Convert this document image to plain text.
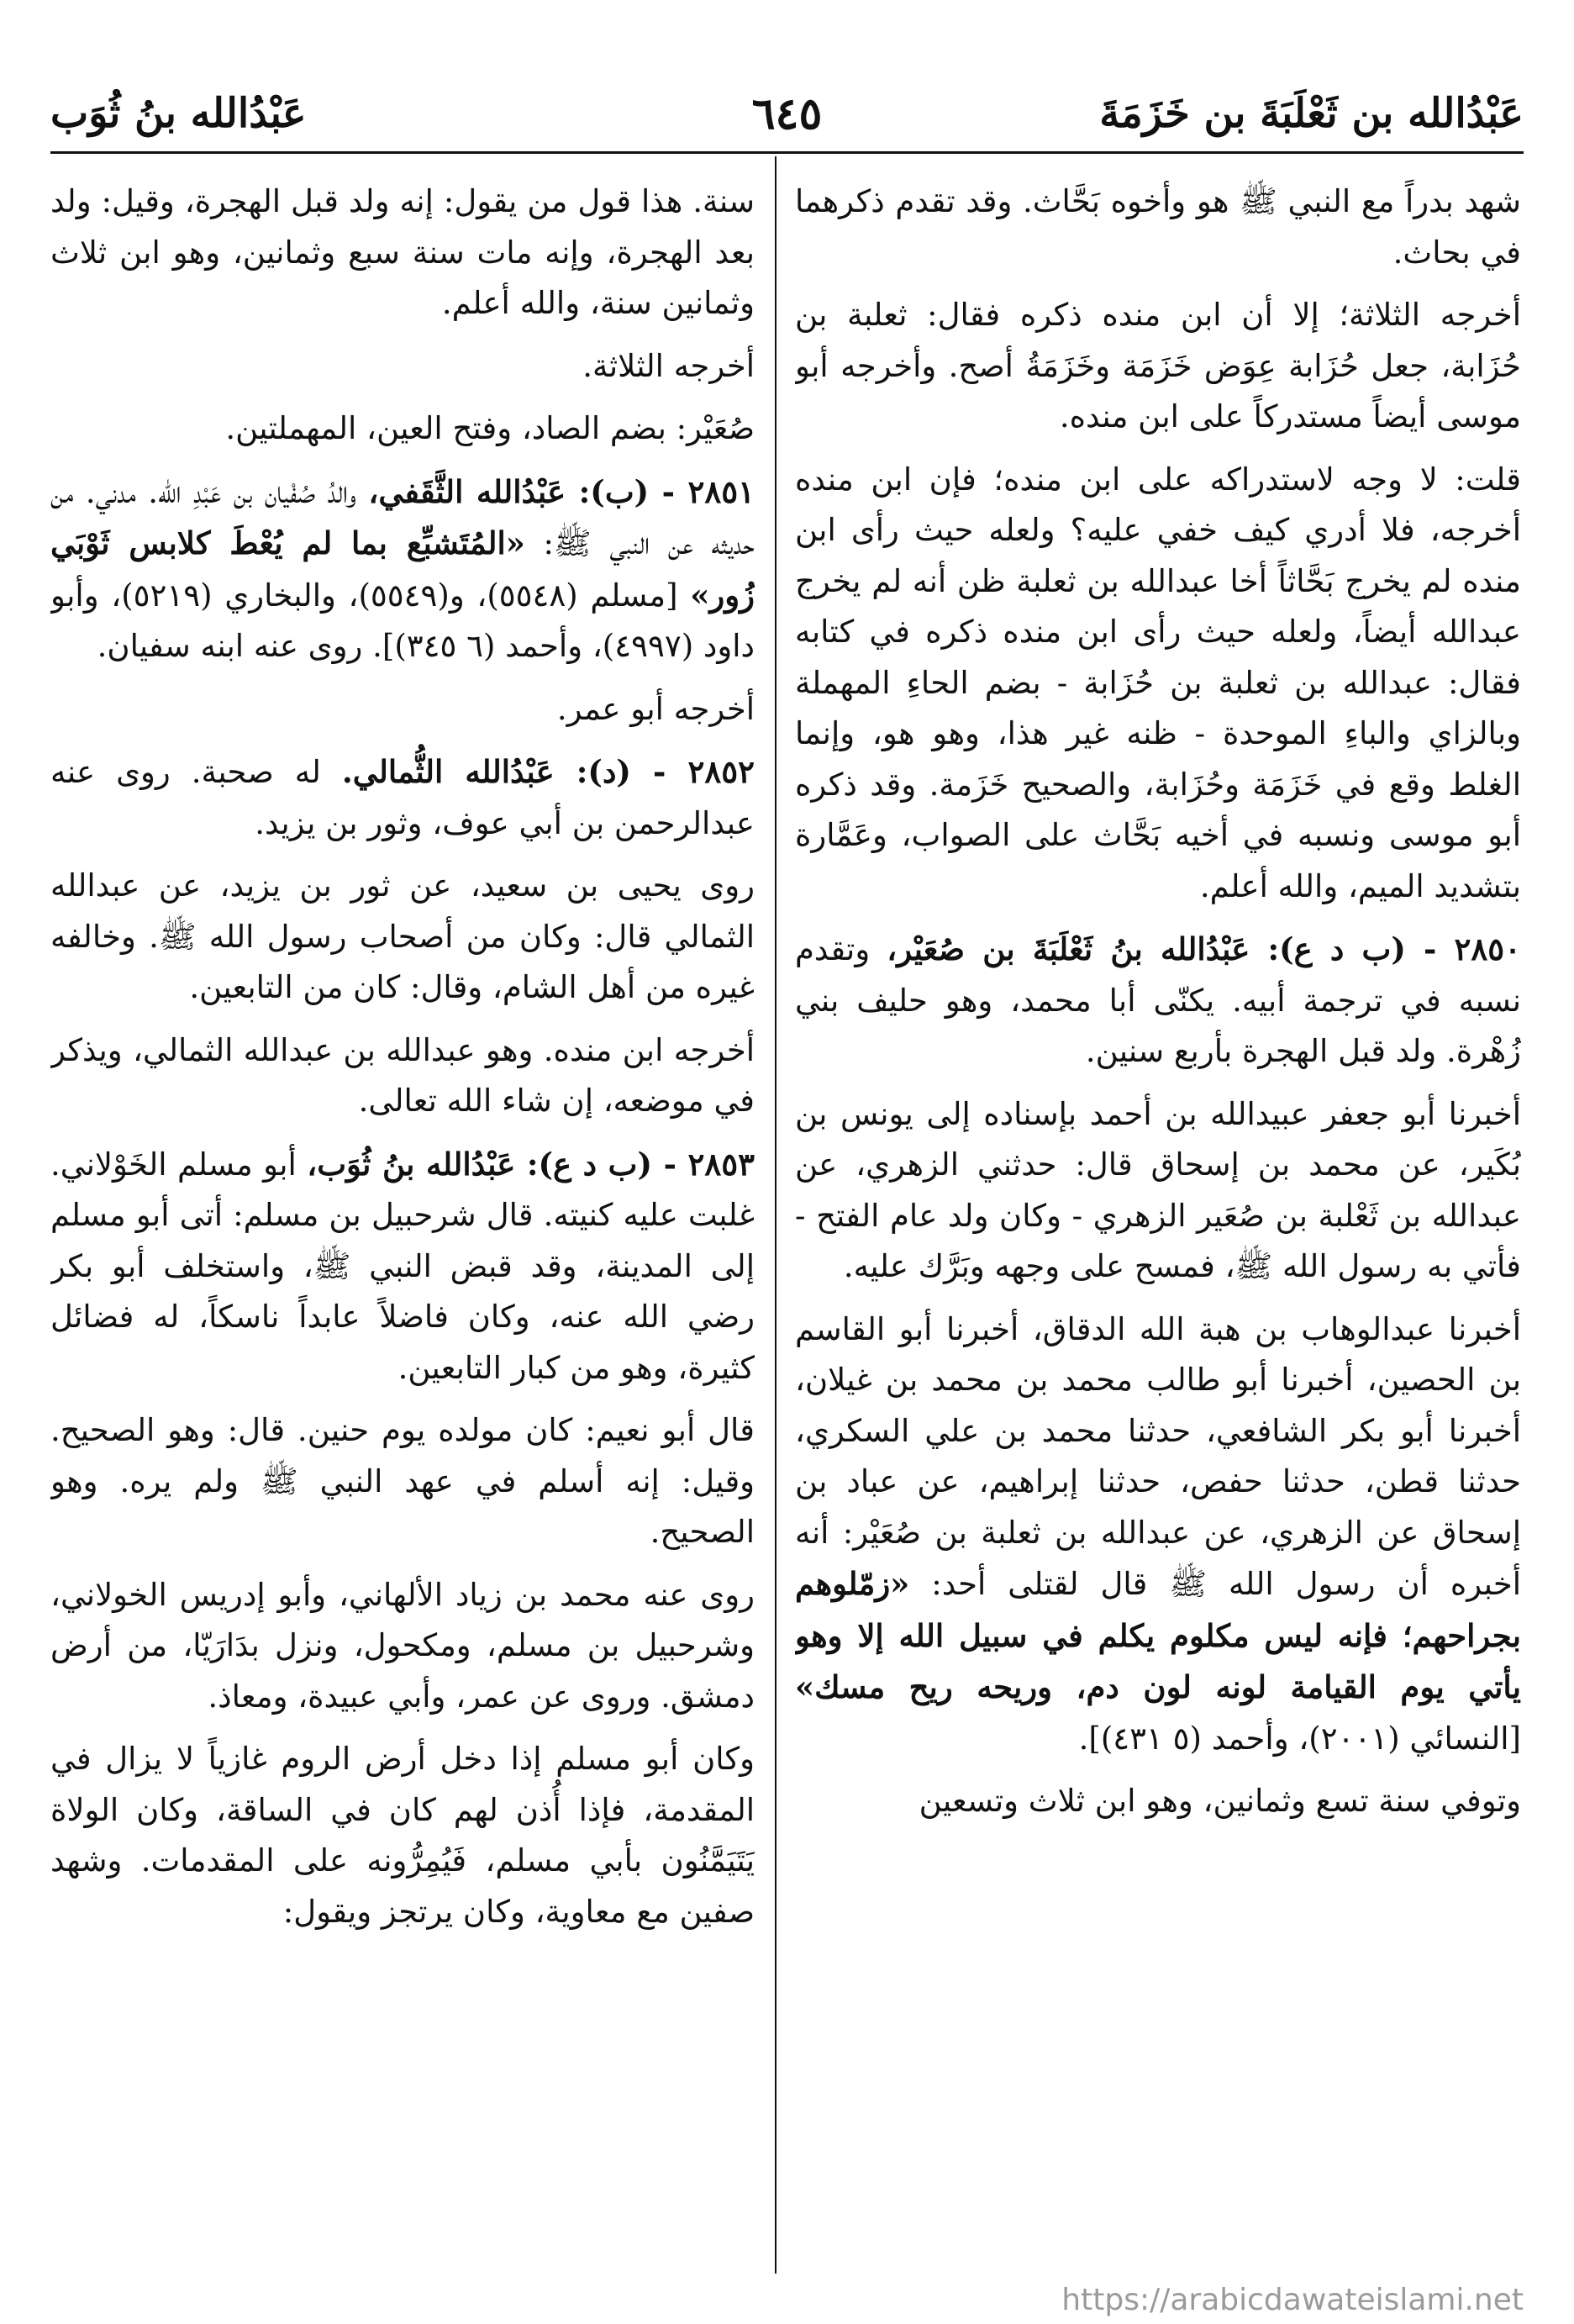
عَبْدُالله بن ثَعْلَبَةَ بن خَزَمَةَ
٦٤٥
عَبْدُالله بنُ ثُوَب

شهد بدراً مع النبي ﷺ هو وأخوه بَحَّاث. وقد تقدم ذكرهما في بحاث.

أخرجه الثلاثة؛ إلا أن ابن منده ذكره فقال: ثعلبة بن حُزَابة، جعل حُزَابة عِوَض خَزَمَة وخَزَمَةُ أصح. وأخرجه أبو موسى أيضاً مستدركاً على ابن منده.

قلت: لا وجه لاستدراكه على ابن منده؛ فإن ابن منده أخرجه، فلا أدري كيف خفي عليه؟ ولعله حيث رأى ابن منده لم يخرج بَحَّاثاً أخا عبدالله بن ثعلبة ظن أنه لم يخرج عبدالله أيضاً، ولعله حيث رأى ابن منده ذكره في كتابه فقال: عبدالله بن ثعلبة بن حُزَابة - بضم الحاءِ المهملة وبالزاي والباءِ الموحدة - ظنه غير هذا، وهو هو، وإنما الغلط وقع في خَزَمَة وحُزَابة، والصحيح خَزَمة. وقد ذكره أبو موسى ونسبه في أخيه بَحَّاث على الصواب، وعَمَّارة بتشديد الميم، والله أعلم.

٢٨٥٠ - (ب د ع): عَبْدُالله بنُ ثَعْلَبَةَ بن صُعَيْر، وتقدم نسبه في ترجمة أبيه. يكنّى أبا محمد، وهو حليف بني زُهْرة. ولد قبل الهجرة بأربع سنين.

أخبرنا أبو جعفر عبيدالله بن أحمد بإسناده إلى يونس بن بُكَير، عن محمد بن إسحاق قال: حدثني الزهري، عن عبدالله بن ثَعْلبة بن صُعَير الزهري - وكان ولد عام الفتح - فأتي به رسول الله ﷺ، فمسح على وجهه وبَرَّك عليه.

أخبرنا عبدالوهاب بن هبة الله الدقاق، أخبرنا أبو القاسم بن الحصين، أخبرنا أبو طالب محمد بن محمد بن غيلان، أخبرنا أبو بكر الشافعي، حدثنا محمد بن علي السكري، حدثنا قطن، حدثنا حفص، حدثنا إبراهيم، عن عباد بن إسحاق عن الزهري، عن عبدالله بن ثعلبة بن صُعَيْر: أنه أخبره أن رسول الله ﷺ قال لقتلى أحد: «زمّلوهم بجراحهم؛ فإنه ليس مكلوم يكلم في سبيل الله إلا وهو يأتي يوم القيامة لونه لون دم، وريحه ريح مسك» [النسائي (٢٠٠١)، وأحمد (٥ ٤٣١)].

وتوفي سنة تسع وثمانين، وهو ابن ثلاث وتسعين

سنة. هذا قول من يقول: إنه ولد قبل الهجرة، وقيل: ولد بعد الهجرة، وإنه مات سنة سبع وثمانين، وهو ابن ثلاث وثمانين سنة، والله أعلم.

أخرجه الثلاثة.

صُعَيْر: بضم الصاد، وفتح العين، المهملتين.

٢٨٥١ - (ب): عَبْدُالله الثَّقَفي، والدُ صُفْيان بن عَبْدِ الله. مدني. من حديثه عن النبي ﷺ: «المُتَشبِّع بما لم يُعْطَ كلابس ثَوْبَي زُور» [مسلم (٥٥٤٨)، و(٥٥٤٩)، والبخاري (٥٢١٩)، وأبو داود (٤٩٩٧)، وأحمد (٦ ٣٤٥)]. روى عنه ابنه سفيان.

أخرجه أبو عمر.

٢٨٥٢ - (د): عَبْدُالله الثُّمالي. له صحبة. روى عنه عبدالرحمن بن أبي عوف، وثور بن يزيد.

روى يحيى بن سعيد، عن ثور بن يزيد، عن عبدالله الثمالي قال: وكان من أصحاب رسول الله ﷺ. وخالفه غيره من أهل الشام، وقال: كان من التابعين.

أخرجه ابن منده. وهو عبدالله بن عبدالله الثمالي، ويذكر في موضعه، إن شاء الله تعالى.

٢٨٥٣ - (ب د ع): عَبْدُالله بنُ ثُوَب، أبو مسلم الخَوْلاني. غلبت عليه كنيته. قال شرحبيل بن مسلم: أتى أبو مسلم إلى المدينة، وقد قبض النبي ﷺ، واستخلف أبو بكر رضي الله عنه، وكان فاضلاً عابداً ناسكاً، له فضائل كثيرة، وهو من كبار التابعين.

قال أبو نعيم: كان مولده يوم حنين. قال: وهو الصحيح. وقيل: إنه أسلم في عهد النبي ﷺ ولم يره. وهو الصحيح.

روى عنه محمد بن زياد الألهاني، وأبو إدريس الخولاني، وشرحبيل بن مسلم، ومكحول، ونزل بدَارَيّا، من أرض دمشق. وروى عن عمر، وأبي عبيدة، ومعاذ.

وكان أبو مسلم إذا دخل أرض الروم غازياً لا يزال في المقدمة، فإذا أُذن لهم كان في الساقة، وكان الولاة يَتَيَمَّنُون بأبي مسلم، فَيُمِرُّونه على المقدمات. وشهد صفين مع معاوية، وكان يرتجز ويقول:

https://arabicdawateislami.net
